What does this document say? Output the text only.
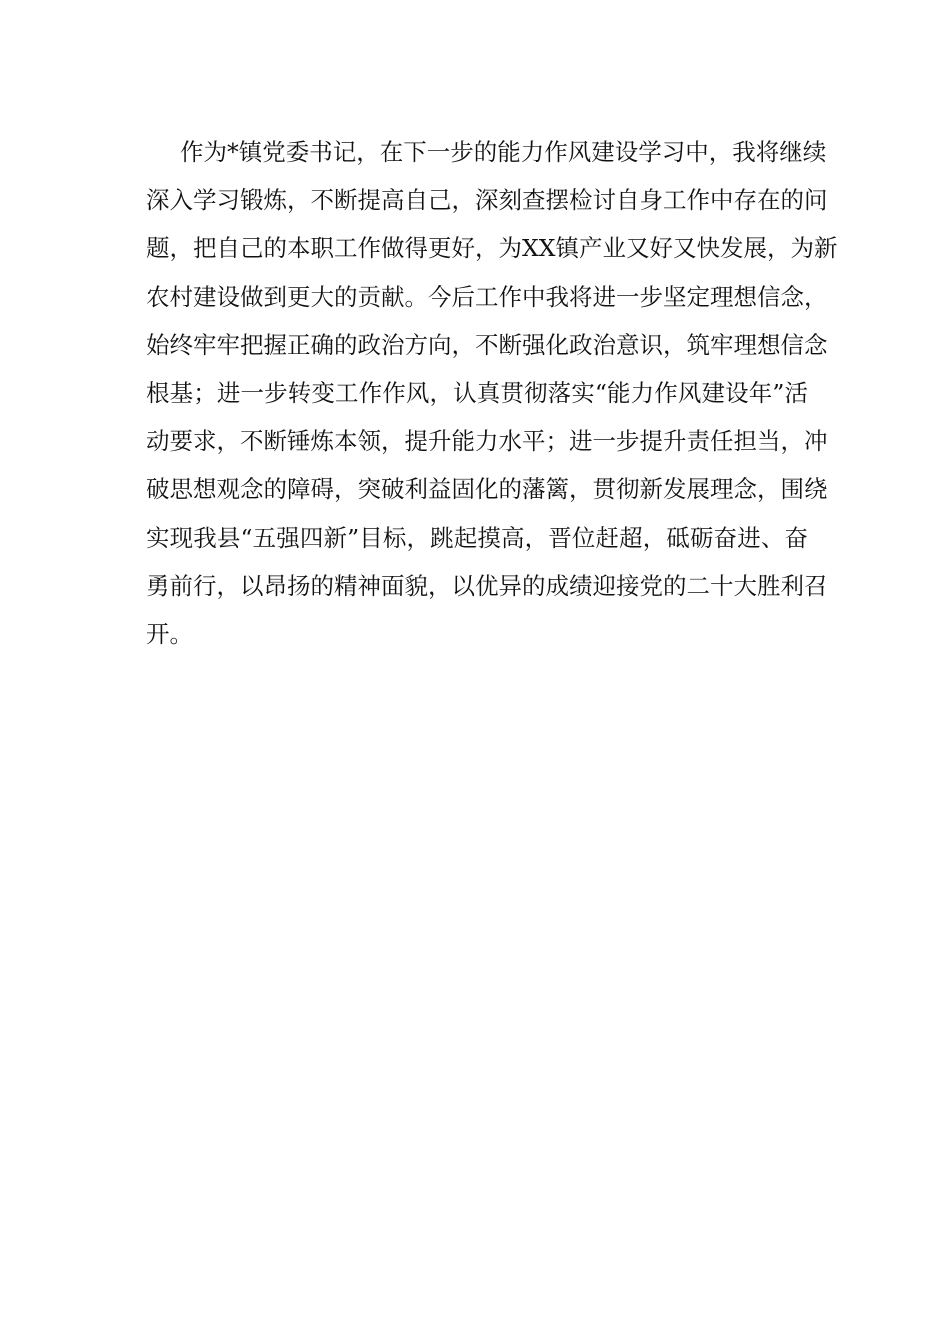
作为*镇党委书记，在下一步的能力作风建设学习中，我将继续
深入学习锻炼，不断提高自己，深刻查摆检讨自身工作中存在的问
题，把自己的本职工作做得更好，为XX镇产业又好又快发展，为新
农村建设做到更大的贡献。今后工作中我将进一步坚定理想信念，
始终牢牢把握正确的政治方向，不断强化政治意识，筑牢理想信念
根基；进一步转变工作作风，认真贯彻落实“能力作风建设年”活
动要求，不断锤炼本领，提升能力水平；进一步提升责任担当，冲
破思想观念的障碍，突破利益固化的藩篱，贯彻新发展理念，围绕
实现我县“五强四新”目标，跳起摸高，晋位赶超，砥砺奋进、奋
勇前行，以昂扬的精神面貌，以优异的成绩迎接党的二十大胜利召
开。
